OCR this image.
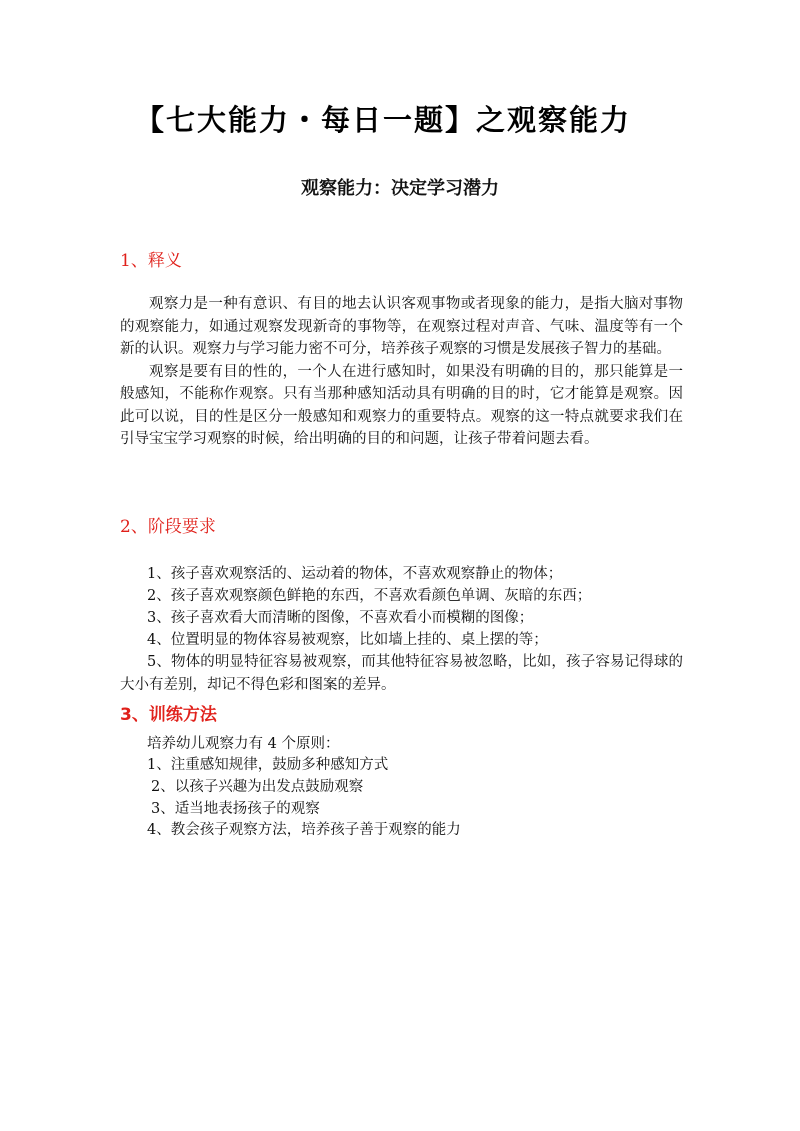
【七大能力・每日一题】之观察能力
观察能力：决定学习潜力
1、释义

观察力是一种有意识、有目的地去认识客观事物或者现象的能力，是指大脑对事物的观察能力，如通过观察发现新奇的事物等，在观察过程对声音、气味、温度等有一个新的认识。观察力与学习能力密不可分，培养孩子观察的习惯是发展孩子智力的基础。

观察是要有目的性的，一个人在进行感知时，如果没有明确的目的，那只能算是一般感知，不能称作观察。只有当那种感知活动具有明确的目的时，它才能算是观察。因此可以说，目的性是区分一般感知和观察力的重要特点。观察的这一特点就要求我们在引导宝宝学习观察的时候，给出明确的目的和问题，让孩子带着问题去看。

2、阶段要求
1、孩子喜欢观察活的、运动着的物体，不喜欢观察静止的物体；
2、孩子喜欢观察颜色鲜艳的东西，不喜欢看颜色单调、灰暗的东西；
3、孩子喜欢看大而清晰的图像，不喜欢看小而模糊的图像；
4、位置明显的物体容易被观察，比如墙上挂的、桌上摆的等；
5、物体的明显特征容易被观察，而其他特征容易被忽略，比如，孩子容易记得球的大小有差别，却记不得色彩和图案的差异。
3、训练方法
培养幼儿观察力有 4 个原则：
1、注重感知规律，鼓励多种感知方式
2、以孩子兴趣为出发点鼓励观察
3、适当地表扬孩子的观察
4、教会孩子观察方法，培养孩子善于观察的能力
